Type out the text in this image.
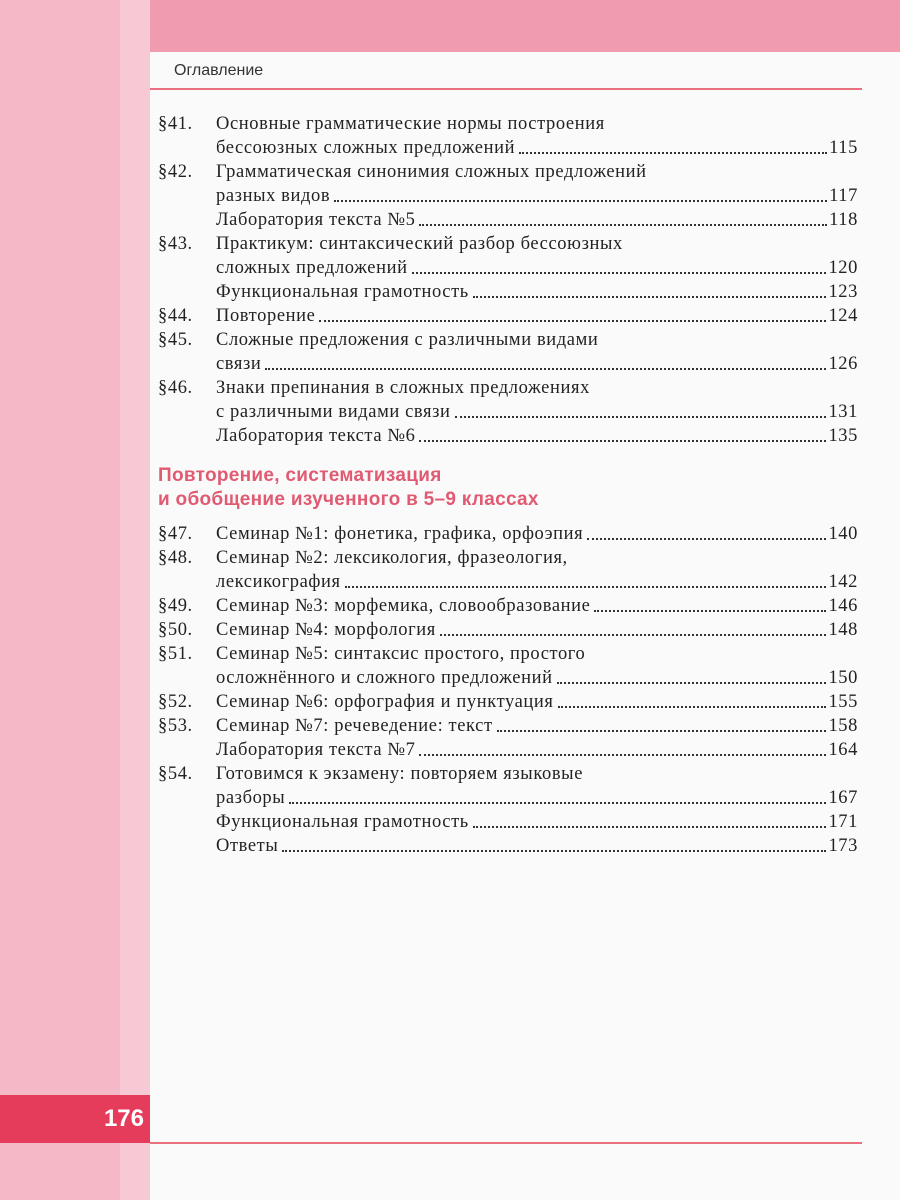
Оглавление
§41.	Основные грамматические нормы построения
бессоюзных сложных предложений	115
§42.	Грамматическая синонимия сложных предложений
разных видов	117
Лаборатория текста №5	118
§43.	Практикум: синтаксический разбор бессоюзных
сложных предложений	120
Функциональная грамотность	123
§44.	Повторение	124
§45.	Сложные предложения с различными видами
связи	126
§46.	Знаки препинания в сложных предложениях
с различными видами связи	131
Лаборатория текста №6	135
Повторение, систематизация
и обобщение изученного в 5–9 классах
§47.	Семинар №1: фонетика, графика, орфоэпия	140
§48.	Семинар №2: лексикология, фразеология,
лексикография	142
§49.	Семинар №3: морфемика, словообразование	146
§50.	Семинар №4: морфология	148
§51.	Семинар №5: синтаксис простого, простого
осложнённого и сложного предложений	150
§52.	Семинар №6: орфография и пунктуация	155
§53.	Семинар №7: речеведение: текст	158
Лаборатория текста №7	164
§54.	Готовимся к экзамену: повторяем языковые
разборы	167
Функциональная грамотность	171
Ответы	173
176
